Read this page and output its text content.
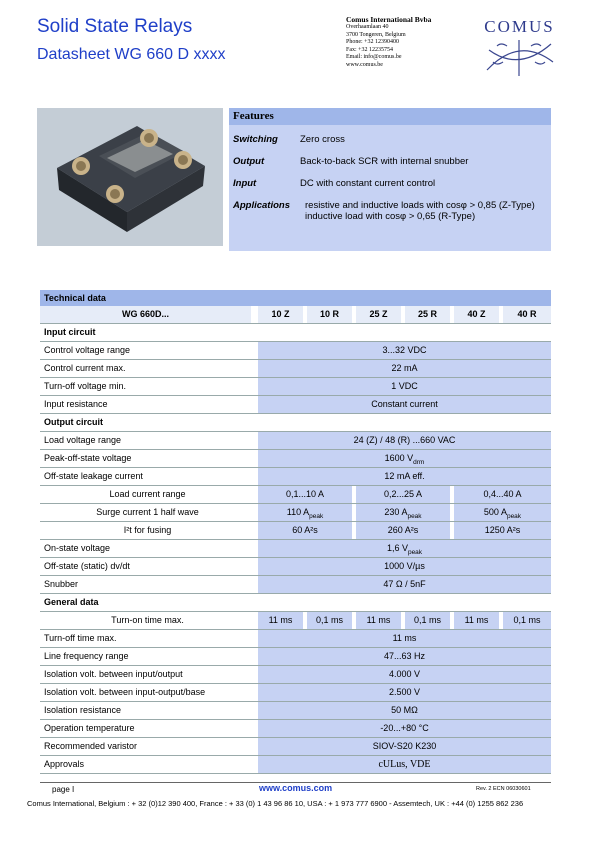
Solid State Relays
Datasheet WG 660 D xxxx
Comus International Bvba
Overhaamlaan 40
3700 Tongeren, Belgium
Phone: +32 12390400
Fax: +32 12235754
Email: info@comus.be
www.comus.be
COMUS
Features
Switching Zero cross
Output	Back-to-back SCR with internal snubber
Input	DC with constant current control
Applications resistive and inductive loads with cosφ > 0,85 (Z-Type)
inductive load with cosφ > 0,65 (R-Type)
Technical data
WG 660D...	10 Z	10 R	25 Z	25 R	40 Z	40 R
Input circuit
Control voltage range	3...32 VDC
Control current max.	22 mA
Turn-off voltage min.	1 VDC
Input resistance	Constant current
Output circuit
Load voltage range	24 (Z) / 48 (R) ...660 VAC
Peak-off-state voltage	1600 $V_{drm}$
Off-state leakage current	12 mA eff.
Load current range	0,1...10 A	0,2...25 A	0,4...40 A
Surge current 1 half wave	110 $A_{peak}$	230 $A_{peak}$	500 $A_{peak}$
I²t for fusing	60 A²s	260 A²s	1250 A²s
On-state voltage	1,6 $V_{peak}$
Off-state (static) dv/dt	1000 V/µs
Snubber	47 Ω / 5nF
General data
Turn-on time max.	11 ms	0,1 ms	11 ms	0,1 ms	11 ms	0,1 ms
Turn-off time max.	11 ms
Line frequency range	47...63 Hz
Isolation volt. between input/output	4.000 V
Isolation volt. between input-output/base	2.500 V
Isolation resistance	50 MΩ
Operation temperature	-20...+80 °C
Recommended varistor	SIOV-S20 K230
Approvals	cULus, VDE
page I	www.comus.com	Rev. 2 ECN 06030601
Comus International, Belgium : + 32 (0)12 390 400, France : + 33 (0) 1 43 96 86 10, USA : + 1 973 777 6900 - Assemtech, UK : +44 (0) 1255 862 236
